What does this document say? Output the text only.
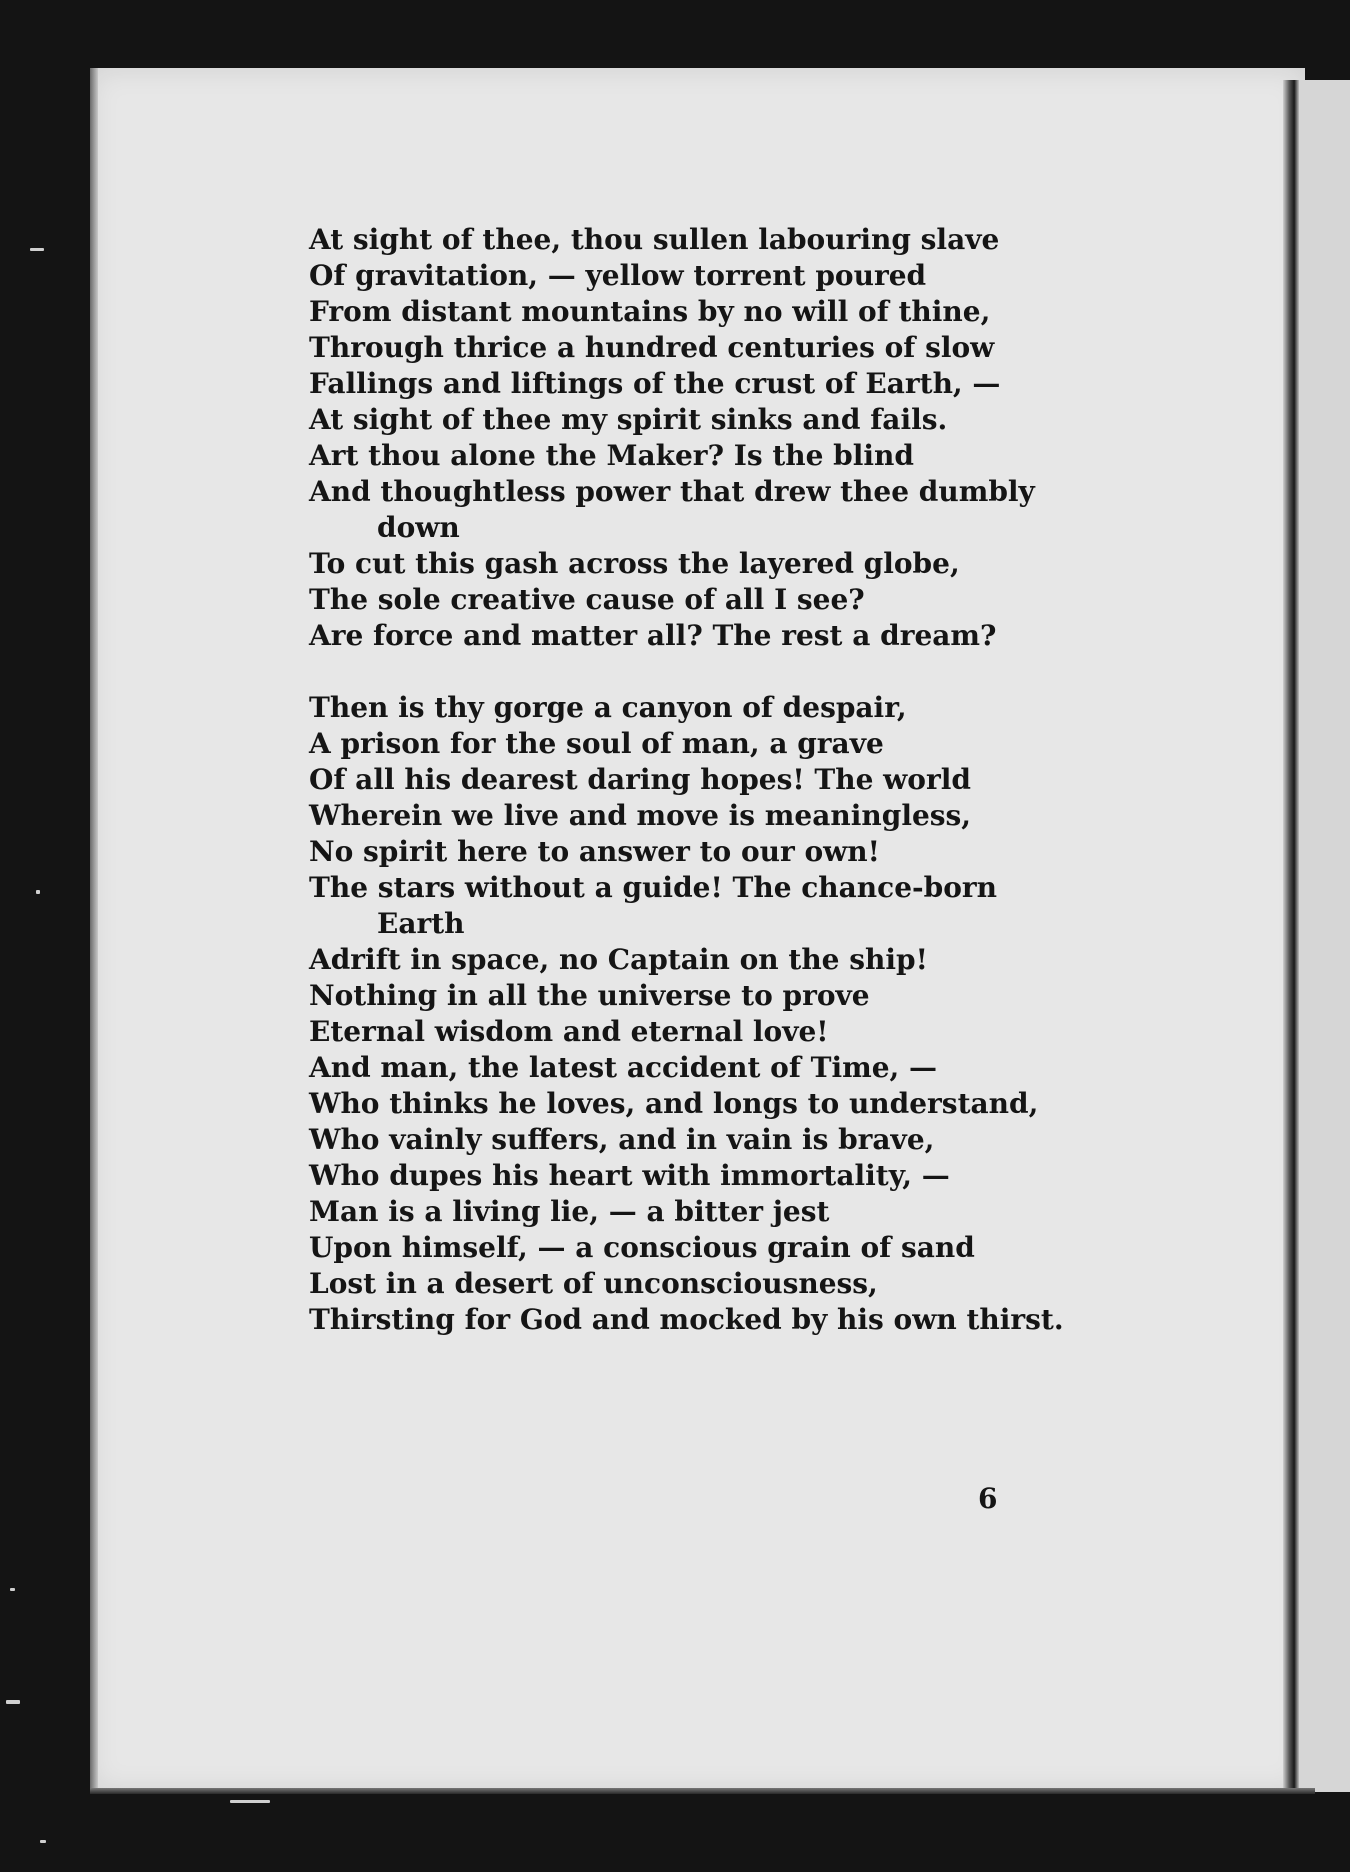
At sight of thee, thou sullen labouring slave
Of gravitation, — yellow torrent poured
From distant mountains by no will of thine,
Through thrice a hundred centuries of slow
Fallings and liftings of the crust of Earth, —
At sight of thee my spirit sinks and fails.
Art thou alone the Maker? Is the blind
And thoughtless power that drew thee dumbly
down
To cut this gash across the layered globe,
The sole creative cause of all I see?
Are force and matter all? The rest a dream?
Then is thy gorge a canyon of despair,
A prison for the soul of man, a grave
Of all his dearest daring hopes! The world
Wherein we live and move is meaningless,
No spirit here to answer to our own!
The stars without a guide! The chance-born
Earth
Adrift in space, no Captain on the ship!
Nothing in all the universe to prove
Eternal wisdom and eternal love!
And man, the latest accident of Time, —
Who thinks he loves, and longs to understand,
Who vainly suffers, and in vain is brave,
Who dupes his heart with immortality, —
Man is a living lie, — a bitter jest
Upon himself, — a conscious grain of sand
Lost in a desert of unconsciousness,
Thirsting for God and mocked by his own thirst.
6
